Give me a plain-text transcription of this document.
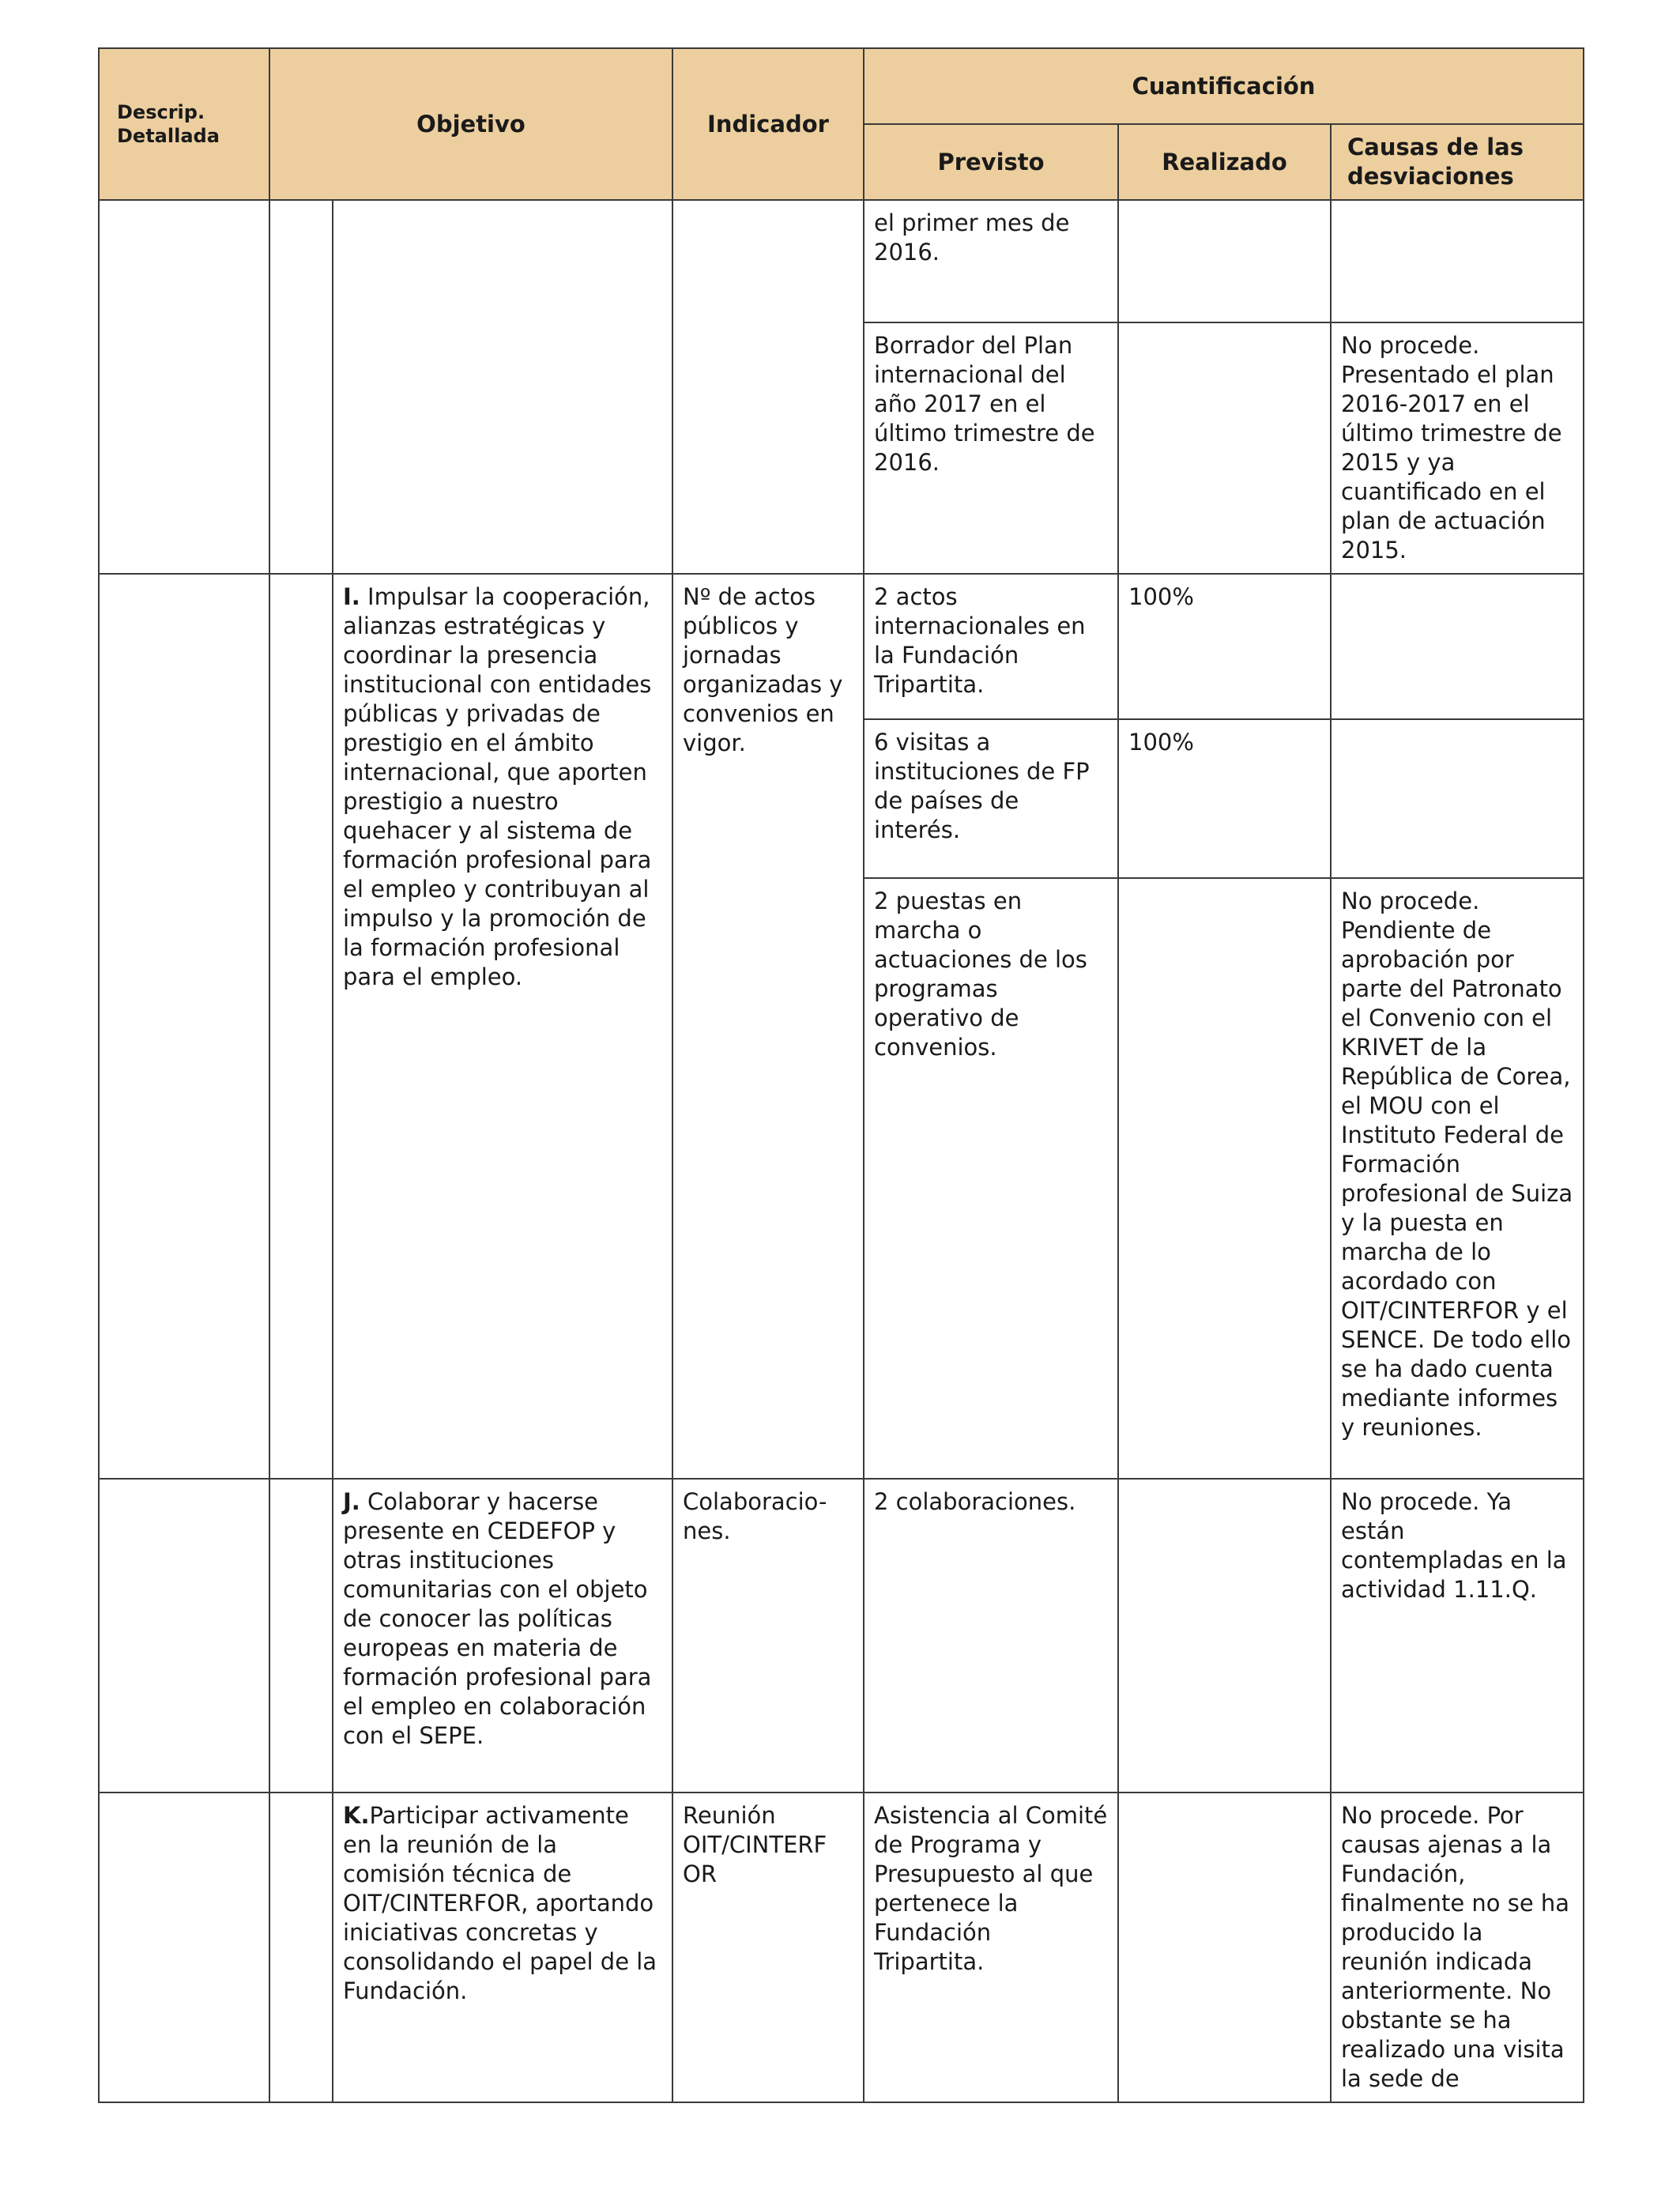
Descrip. Detallada	Objetivo		Indicador	Cuantificación		
				Previsto	Realizado	Causas de las desviaciones
				el primer mes de 2016.		
				Borrador del Plan internacional del año 2017 en el último trimestre de 2016.		No procede. Presentado el plan 2016-2017 en el último trimestre de 2015 y ya cuantificado en el plan de actuación 2015.
		I. Impulsar la cooperación, alianzas estratégicas y coordinar la presencia institucional con entidades públicas y privadas de prestigio en el ámbito internacional, que aporten prestigio a nuestro quehacer y al sistema de formación profesional para el empleo y contribuyan al impulso y la promoción de la formación profesional para el empleo.	Nº de actos públicos y jornadas organizadas y convenios en vigor.	2 actos internacionales en la Fundación Tripartita.	100%	
				6 visitas a instituciones de FP de países de interés.	100%	
				2 puestas en marcha o actuaciones de los programas operativo de convenios.		No procede. Pendiente de aprobación por parte del Patronato el Convenio con el KRIVET de la República de Corea, el MOU con el Instituto Federal de Formación profesional de Suiza y la puesta en marcha de lo acordado con OIT/CINTERFOR y el SENCE. De todo ello se ha dado cuenta mediante informes y reuniones.
		J. Colaborar y hacerse presente en CEDEFOP y otras instituciones comunitarias con el objeto de conocer las políticas europeas en materia de formación profesional para el empleo en colaboración con el SEPE.	Colaboracio-nes.	2 colaboraciones.		No procede. Ya están contempladas en la actividad 1.11.Q.
		K.Participar activamente en la reunión de la comisión técnica de OIT/CINTERFOR, aportando iniciativas concretas y consolidando el papel de la Fundación.	Reunión OIT/CINTERF OR	Asistencia al Comité de Programa y Presupuesto al que pertenece la Fundación Tripartita.		No procede. Por causas ajenas a la Fundación, finalmente no se ha producido la reunión indicada anteriormente. No obstante se ha realizado una visita la sede de
